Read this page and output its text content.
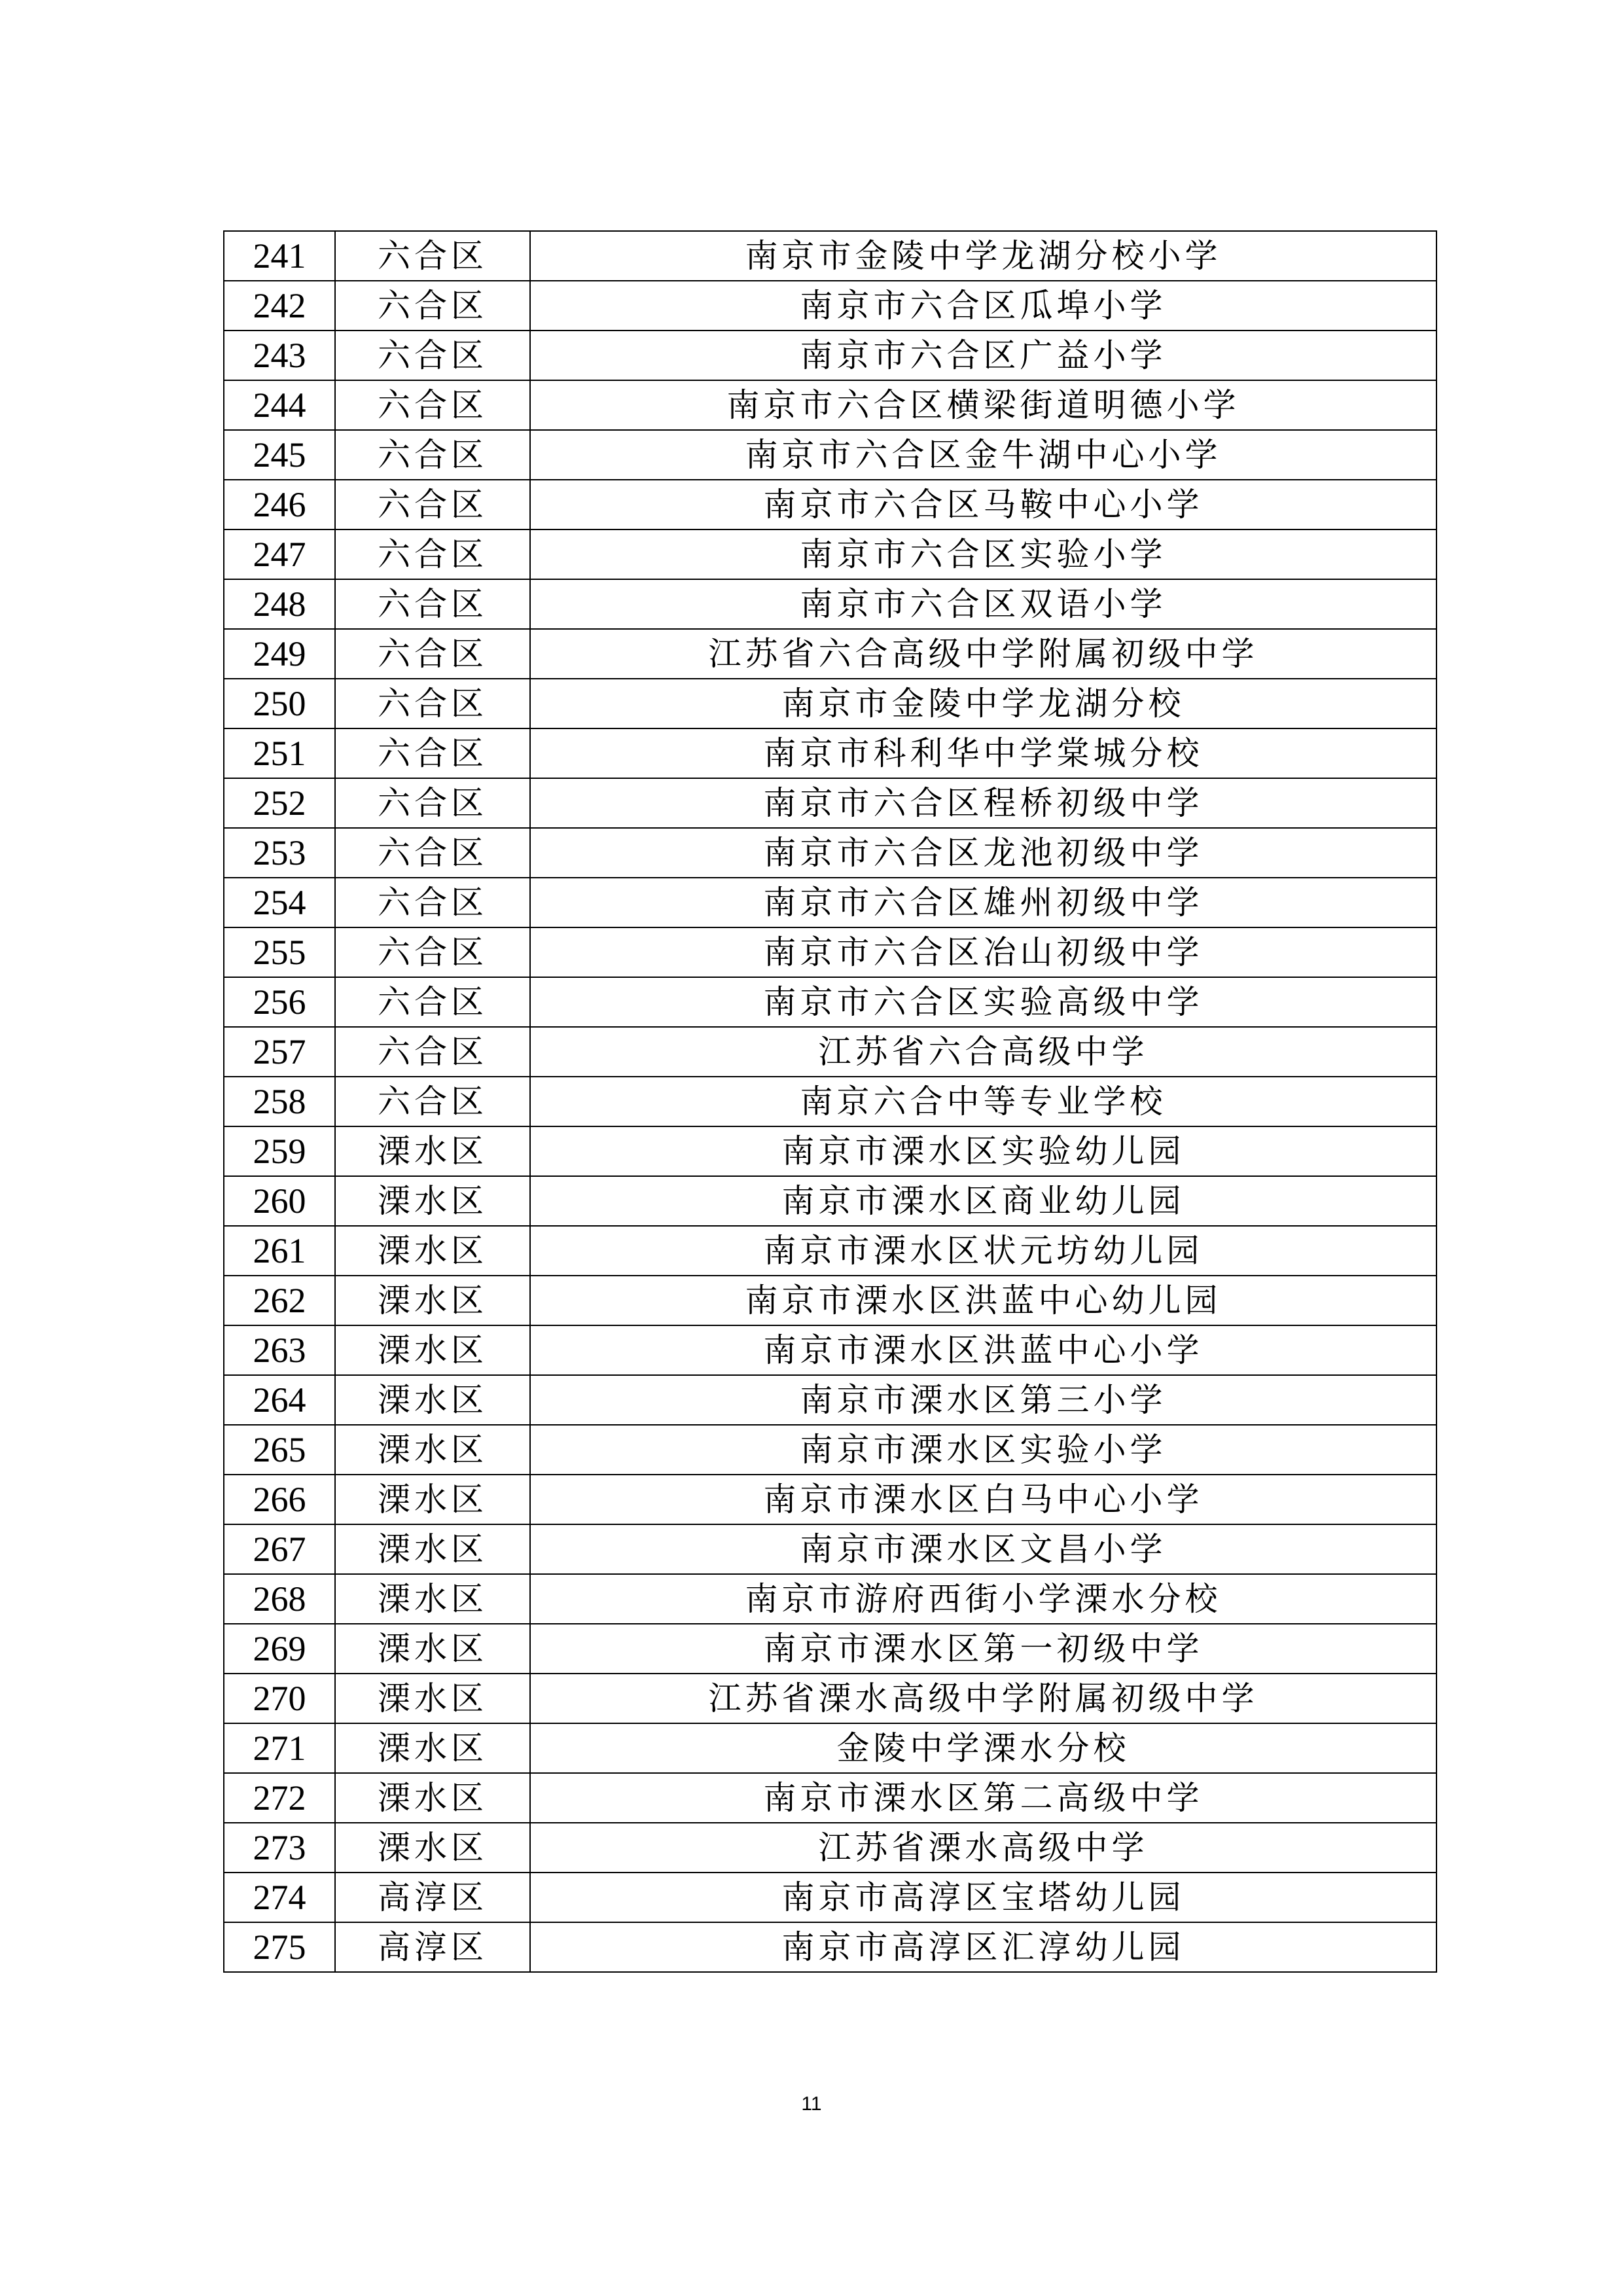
241	六合区	南京市金陵中学龙湖分校小学
242	六合区	南京市六合区瓜埠小学
243	六合区	南京市六合区广益小学
244	六合区	南京市六合区横梁街道明德小学
245	六合区	南京市六合区金牛湖中心小学
246	六合区	南京市六合区马鞍中心小学
247	六合区	南京市六合区实验小学
248	六合区	南京市六合区双语小学
249	六合区	江苏省六合高级中学附属初级中学
250	六合区	南京市金陵中学龙湖分校
251	六合区	南京市科利华中学棠城分校
252	六合区	南京市六合区程桥初级中学
253	六合区	南京市六合区龙池初级中学
254	六合区	南京市六合区雄州初级中学
255	六合区	南京市六合区冶山初级中学
256	六合区	南京市六合区实验高级中学
257	六合区	江苏省六合高级中学
258	六合区	南京六合中等专业学校
259	溧水区	南京市溧水区实验幼儿园
260	溧水区	南京市溧水区商业幼儿园
261	溧水区	南京市溧水区状元坊幼儿园
262	溧水区	南京市溧水区洪蓝中心幼儿园
263	溧水区	南京市溧水区洪蓝中心小学
264	溧水区	南京市溧水区第三小学
265	溧水区	南京市溧水区实验小学
266	溧水区	南京市溧水区白马中心小学
267	溧水区	南京市溧水区文昌小学
268	溧水区	南京市游府西街小学溧水分校
269	溧水区	南京市溧水区第一初级中学
270	溧水区	江苏省溧水高级中学附属初级中学
271	溧水区	金陵中学溧水分校
272	溧水区	南京市溧水区第二高级中学
273	溧水区	江苏省溧水高级中学
274	高淳区	南京市高淳区宝塔幼儿园
275	高淳区	南京市高淳区汇淳幼儿园
11
